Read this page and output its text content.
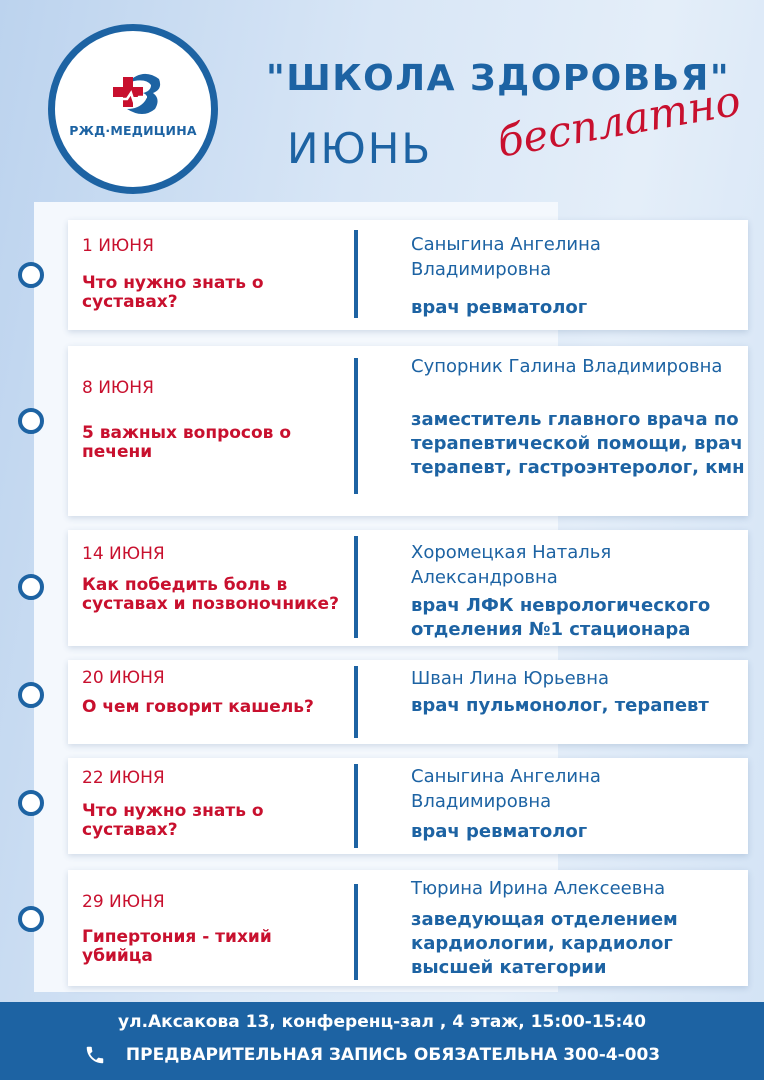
РЖД·МЕДИЦИНА
"ШКОЛА ЗДОРОВЬЯ"
ИЮНЬ бесплатно
1 ИЮНЯ
Что нужно знать о суставах?
Саныгина Ангелина Владимировна
врач ревматолог
8 ИЮНЯ
5 важных вопросов о печени
Супорник Галина Владимировна
заместитель главного врача по терапевтической помощи, врач терапевт, гастроэнтеролог, кмн
14 ИЮНЯ
Как победить боль в суставах и позвоночнике?
Хоромецкая Наталья Александровна
врач ЛФК неврологического отделения №1 стационара
20 ИЮНЯ
О чем говорит кашель?
Шван Лина Юрьевна
врач пульмонолог, терапевт
22 ИЮНЯ
Что нужно знать о суставах?
Саныгина Ангелина Владимировна
врач ревматолог
29 ИЮНЯ
Гипертония - тихий убийца
Тюрина Ирина Алексеевна
заведующая отделением кардиологии, кардиолог высшей категории
ул.Аксакова 13, конференц-зал , 4 этаж, 15:00-15:40
ПРЕДВАРИТЕЛЬНАЯ ЗАПИСЬ ОБЯЗАТЕЛЬНА 300-4-003
